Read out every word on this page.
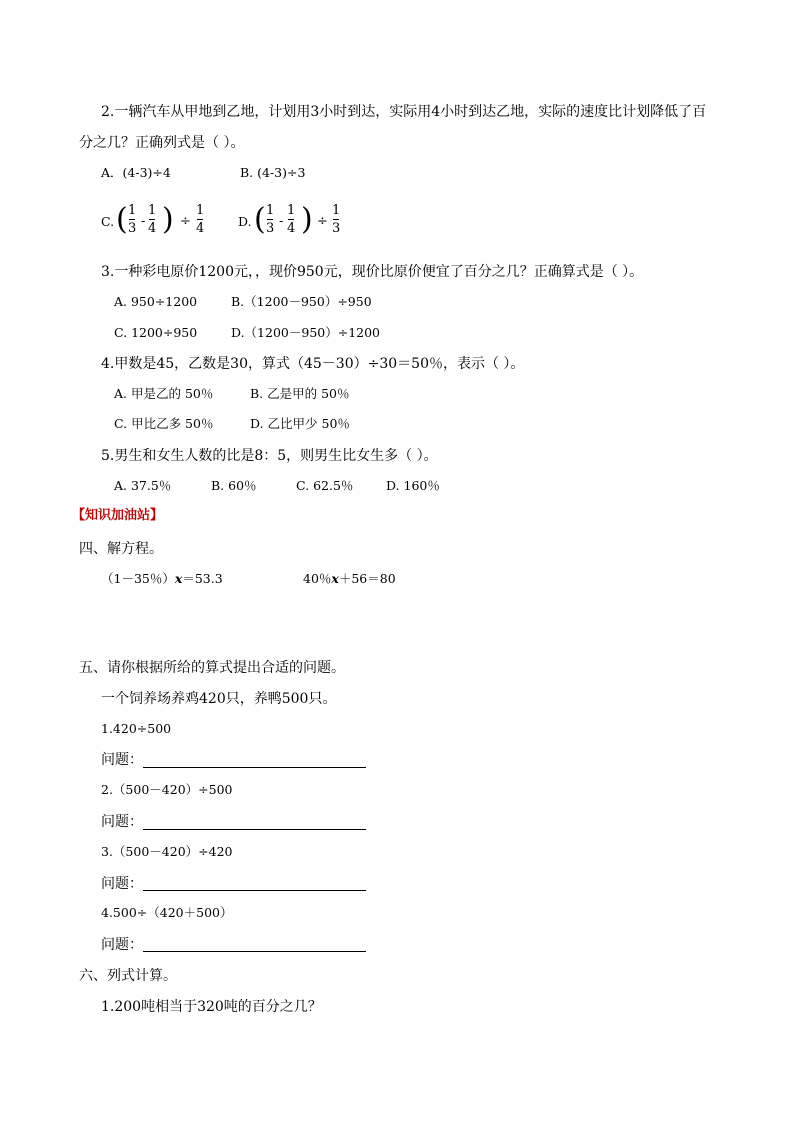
2.一辆汽车从甲地到乙地，计划用3小时到达，实际用4小时到达乙地，实际的速度比计划降低了百
分之几？正确列式是（ ）。
A．(4-3)÷4	B. (4-3)÷3
C. ( 1
3 -
1
4 ) ÷
1
4	D. ( 1
3 -
1
4 ) ÷
1
3
3.一种彩电原价1200元，，现价950元，现价比原价便宜了百分之几？正确算式是（ ）。
A. 950÷1200	B.（1200－950）÷950
C. 1200÷950	D.（1200－950）÷1200
4.甲数是45，乙数是30，算式（45－30）÷30＝50％，表示（ ）。
A. 甲是乙的 50％	B. 乙是甲的 50％
C. 甲比乙多 50％	D. 乙比甲少 50％
5.男生和女生人数的比是8：5，则男生比女生多（ ）。
A. 37.5％	B. 60％	C. 62.5％	D. 160％
【知识加油站】
四、解方程。
（1－35％）x＝53.3	40％x＋56＝80
五、请你根据所给的算式提出合适的问题。
一个饲养场养鸡420只，养鸭500只。
1.420÷500
问题：
2.（500－420）÷500
问题：
3.（500－420）÷420
问题：
4.500÷（420＋500）
问题：
六、列式计算。
1.200吨相当于320吨的百分之几？
